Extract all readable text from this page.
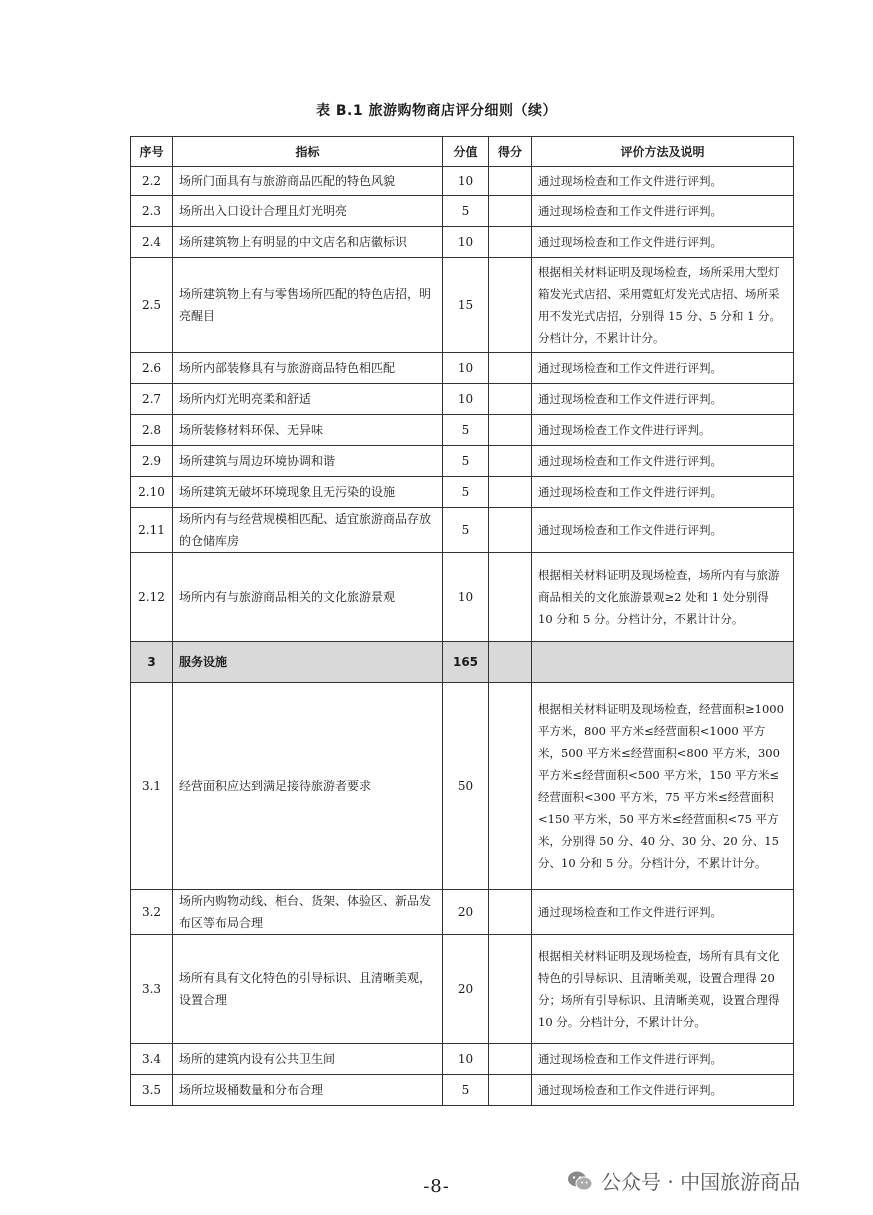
表 B.1 旅游购物商店评分细则（续）
序号	指标	分值	得分	评价方法及说明
2.2	场所门面具有与旅游商品匹配的特色风貌	10		通过现场检查和工作文件进行评判。
2.3	场所出入口设计合理且灯光明亮	5		通过现场检查和工作文件进行评判。
2.4	场所建筑物上有明显的中文店名和店徽标识	10		通过现场检查和工作文件进行评判。
2.5	场所建筑物上有与零售场所匹配的特色店招，明亮醒目	15		根据相关材料证明及现场检查，场所采用大型灯箱发光式店招、采用霓虹灯发光式店招、场所采用不发光式店招，分别得 15 分、5 分和 1 分。分档计分，不累计计分。
2.6	场所内部装修具有与旅游商品特色相匹配	10		通过现场检查和工作文件进行评判。
2.7	场所内灯光明亮柔和舒适	10		通过现场检查和工作文件进行评判。
2.8	场所装修材料环保、无异味	5		通过现场检查工作文件进行评判。
2.9	场所建筑与周边环境协调和谐	5		通过现场检查和工作文件进行评判。
2.10	场所建筑无破坏环境现象且无污染的设施	5		通过现场检查和工作文件进行评判。
2.11	场所内有与经营规模相匹配、适宜旅游商品存放的仓储库房	5		通过现场检查和工作文件进行评判。
2.12	场所内有与旅游商品相关的文化旅游景观	10		根据相关材料证明及现场检查，场所内有与旅游商品相关的文化旅游景观≥2 处和 1 处分别得 10 分和 5 分。分档计分，不累计计分。
3	服务设施	165		
3.1	经营面积应达到满足接待旅游者要求	50		根据相关材料证明及现场检查，经营面积≥1000 平方米，800 平方米≤经营面积<1000 平方米，500 平方米≤经营面积<800 平方米，300 平方米≤经营面积<500 平方米，150 平方米≤经营面积<300 平方米，75 平方米≤经营面积<150 平方米，50 平方米≤经营面积<75 平方米，分别得 50 分、40 分、30 分、20 分、15 分、10 分和 5 分。分档计分，不累计计分。
3.2	场所内购物动线、柜台、货架、体验区、新品发布区等布局合理	20		通过现场检查和工作文件进行评判。
3.3	场所有具有文化特色的引导标识、且清晰美观，设置合理	20		根据相关材料证明及现场检查，场所有具有文化特色的引导标识、且清晰美观，设置合理得 20 分；场所有引导标识、且清晰美观，设置合理得 10 分。分档计分，不累计计分。
3.4	场所的建筑内设有公共卫生间	10		通过现场检查和工作文件进行评判。
3.5	场所垃圾桶数量和分布合理	5		通过现场检查和工作文件进行评判。
-8-	公众号 · 中国旅游商品
